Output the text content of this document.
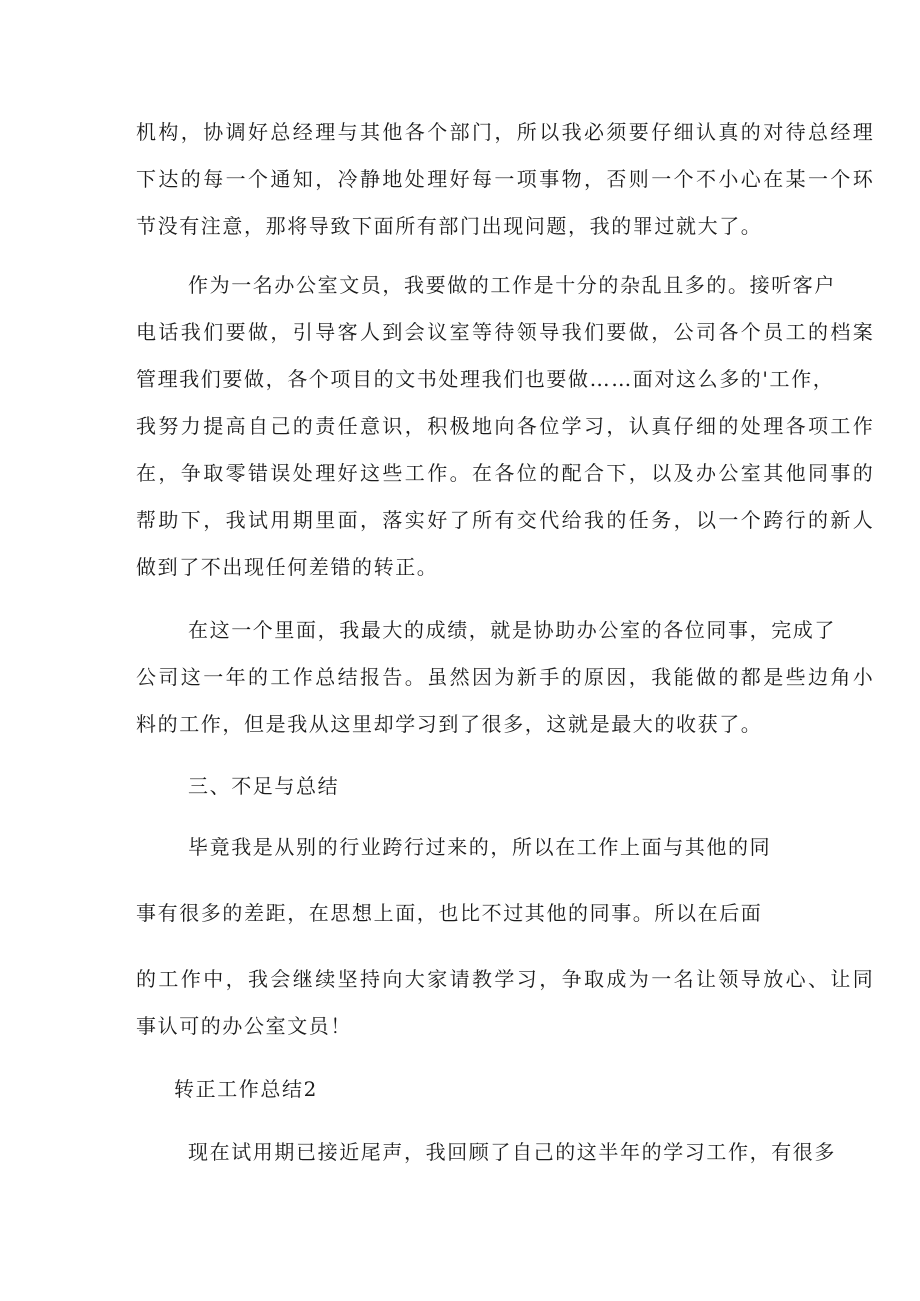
机构，协调好总经理与其他各个部门，所以我必须要仔细认真的对待总经理
下达的每一个通知，冷静地处理好每一项事物，否则一个不小心在某一个环
节没有注意，那将导致下面所有部门出现问题，我的罪过就大了。
作为一名办公室文员，我要做的工作是十分的杂乱且多的。接听客户
电话我们要做，引导客人到会议室等待领导我们要做，公司各个员工的档案
管理我们要做，各个项目的文书处理我们也要做……面对这么多的'工作，
我努力提高自己的责任意识，积极地向各位学习，认真仔细的处理各项工作
在，争取零错误处理好这些工作。在各位的配合下，以及办公室其他同事的
帮助下，我试用期里面，落实好了所有交代给我的任务，以一个跨行的新人
做到了不出现任何差错的转正。
在这一个里面，我最大的成绩，就是协助办公室的各位同事，完成了
公司这一年的工作总结报告。虽然因为新手的原因，我能做的都是些边角小
料的工作，但是我从这里却学习到了很多，这就是最大的收获了。
三、不足与总结
毕竟我是从别的行业跨行过来的，所以在工作上面与其他的同
事有很多的差距，在思想上面，也比不过其他的同事。所以在后面
的工作中，我会继续坚持向大家请教学习，争取成为一名让领导放心、让同
事认可的办公室文员！
转正工作总结2
现在试用期已接近尾声，我回顾了自己的这半年的学习工作，有很多
